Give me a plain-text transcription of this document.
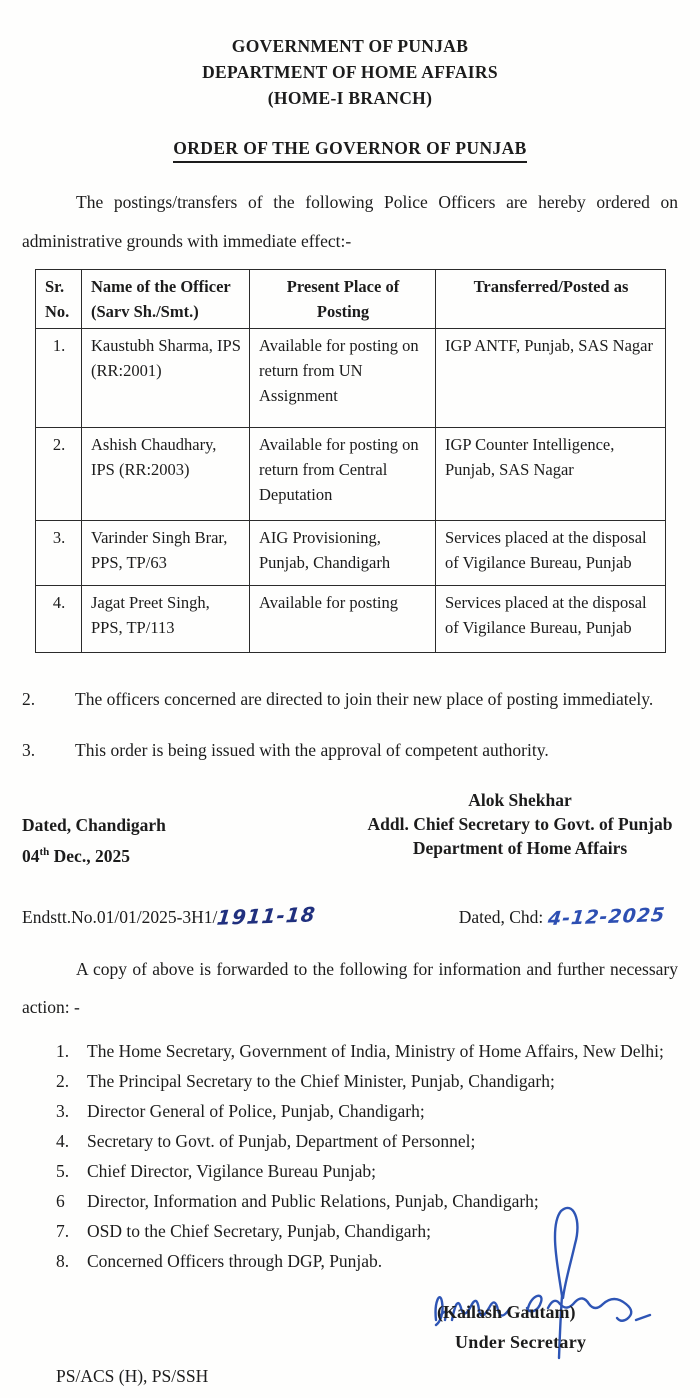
GOVERNMENT OF PUNJAB
DEPARTMENT OF HOME AFFAIRS
(HOME-I BRANCH)
ORDER OF THE GOVERNOR OF PUNJAB

The postings/transfers of the following Police Officers are hereby ordered on administrative grounds with immediate effect:-

Sr. No.	Name of the Officer (Sarv Sh./Smt.)	Present Place of Posting	Transferred/Posted as
1.	Kaustubh Sharma, IPS (RR:2001)	Available for posting on return from UN Assignment	IGP ANTF, Punjab, SAS Nagar
2.	Ashish Chaudhary, IPS (RR:2003)	Available for posting on return from Central Deputation	IGP Counter Intelligence, Punjab, SAS Nagar
3.	Varinder Singh Brar, PPS, TP/63	AIG Provisioning, Punjab, Chandigarh	Services placed at the disposal of Vigilance Bureau, Punjab
4.	Jagat Preet Singh, PPS, TP/113	Available for posting	Services placed at the disposal of Vigilance Bureau, Punjab

2. The officers concerned are directed to join their new place of posting immediately.

3. This order is being issued with the approval of competent authority.

Alok Shekhar
Addl. Chief Secretary to Govt. of Punjab
Department of Home Affairs
Dated, Chandigarh
04th Dec., 2025
Endstt.No.01/01/2025-3H1/1911-18	Dated, Chd: 4-12-2025

A copy of above is forwarded to the following for information and further necessary action: -

1.	The Home Secretary, Government of India, Ministry of Home Affairs, New Delhi;
2.	The Principal Secretary to the Chief Minister, Punjab, Chandigarh;
3.	Director General of Police, Punjab, Chandigarh;
4.	Secretary to Govt. of Punjab, Department of Personnel;
5.	Chief Director, Vigilance Bureau Punjab;
6	Director, Information and Public Relations, Punjab, Chandigarh;
7.	OSD to the Chief Secretary, Punjab, Chandigarh;
8.	Concerned Officers through DGP, Punjab.
(Kailash Gautam)
Under Secretary
PS/ACS (H), PS/SSH
